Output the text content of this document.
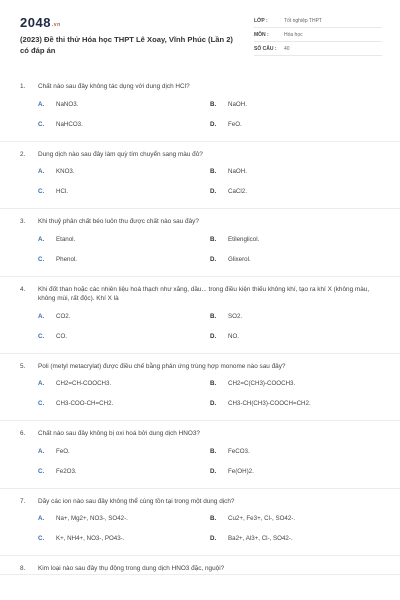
2048.vn
(2023) Đề thi thử Hóa học THPT Lê Xoay, Vĩnh Phúc (Lần 2) có đáp án
LỚP :	Tốt nghiệp THPT
MÔN :	Hóa học
SỐ CÂU :	40
1.	Chất nào sau đây không tác dụng với dung dịch HCl?
A.	NaNO3.	B.	NaOH.
C.	NaHCO3.	D.	FeO.
2.	Dung dịch nào sau đây làm quỳ tím chuyển sang màu đỏ?
A.	KNO3.	B.	NaOH.
C.	HCl.	D.	CaCl2.
3.	Khi thuỷ phân chất béo luôn thu được chất nào sau đây?
A.	Etanol.	B.	Etilenglicol.
C.	Phenol.	D.	Glixerol.
4.	Khi đốt than hoặc các nhiên liệu hoá thạch như xăng, dầu... trong điều kiện thiếu không khí, tạo ra khí X (không màu, không mùi, rất độc). Khí X là
A.	CO2.	B.	SO2.
C.	CO.	D.	NO.
5.	Poli (metyl metacrylat) được điều chế bằng phản ứng trùng hợp monome nào sau đây?
A.	CH2=CH-COOCH3.	B.	CH2=C(CH3)-COOCH3.
C.	CH3-COO-CH=CH2.	D.	CH3-CH(CH3)-COOCH=CH2.
6.	Chất nào sau đây không bị oxi hoá bởi dung dịch HNO3?
A.	FeO.	B.	FeCO3.
C.	Fe2O3.	D.	Fe(OH)2.
7.	Dãy các ion nào sau đây không thể cùng tồn tại trong một dung dịch?
A.	Na+, Mg2+, NO3-, SO42-.	B.	Cu2+, Fe3+, Cl-, SO42-.
C.	K+, NH4+, NO3-, PO43-.	D.	Ba2+, Al3+, Cl-, SO42-.
8.	Kim loại nào sau đây thụ động trong dung dịch HNO3 đặc, nguội?
